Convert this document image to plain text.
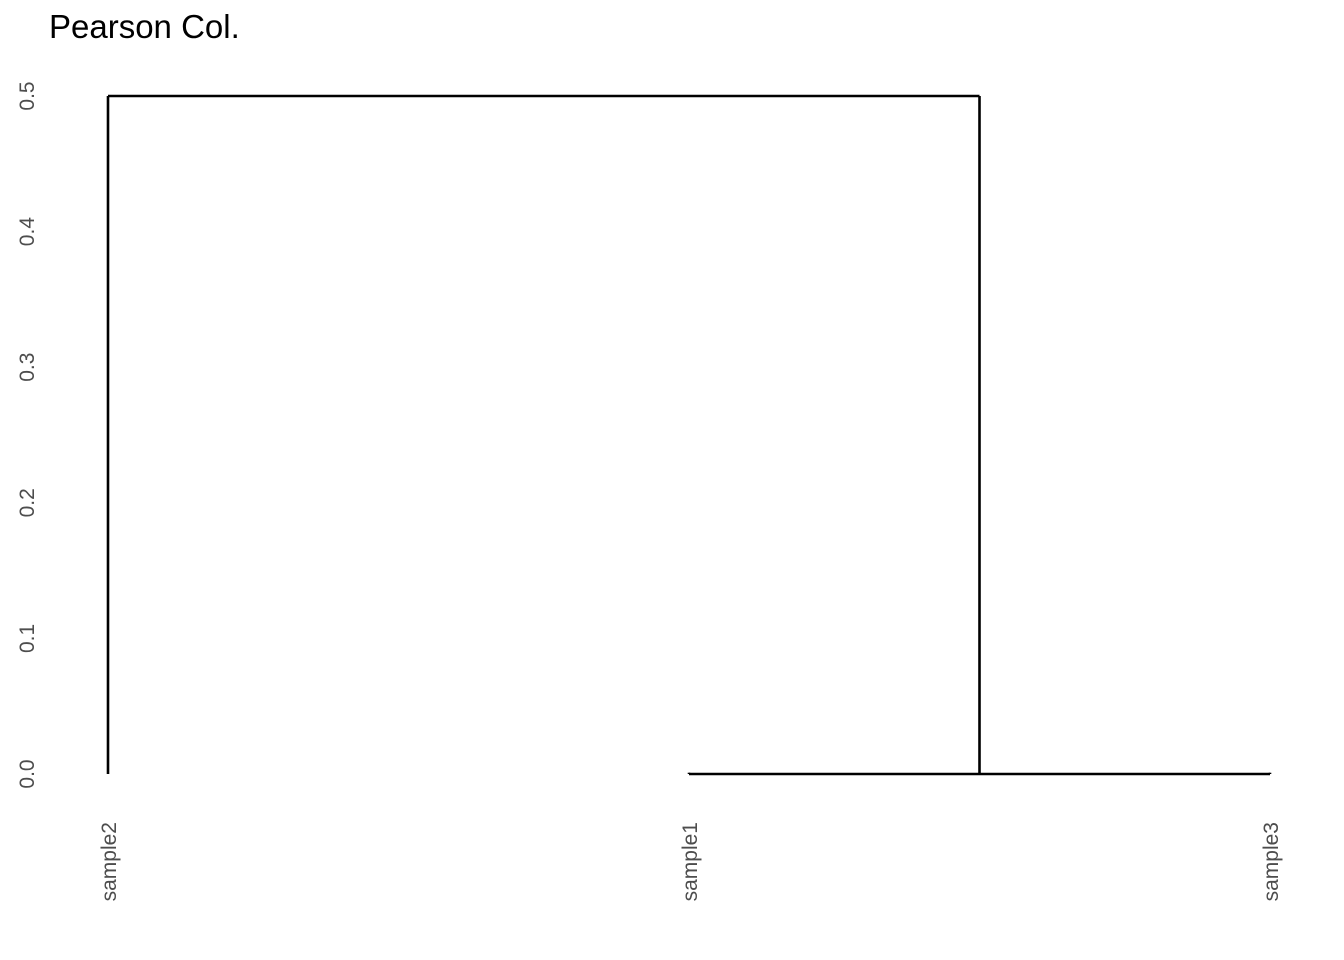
Pearson Col.
0.0
0.1
0.2
0.3
0.4
0.5
sample2	sample1	sample3
